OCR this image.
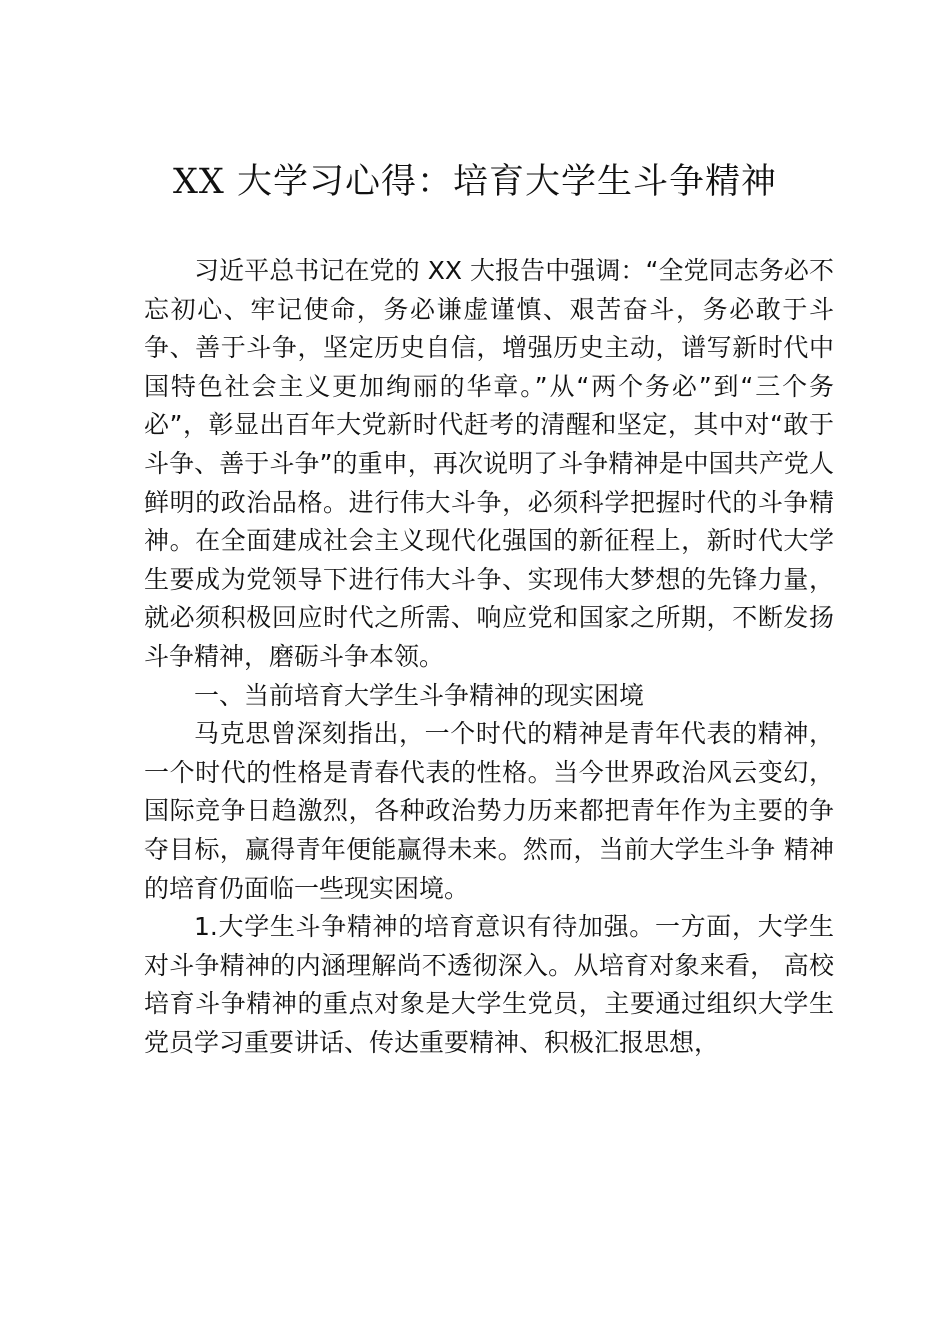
XX 大学习心得：培育大学生斗争精神

习近平总书记在党的 XX 大报告中强调：“全党同志务必不忘初心、牢记使命，务必谦虚谨慎、艰苦奋斗，务必敢于斗争、善于斗争，坚定历史自信，增强历史主动，谱写新时代中国特色社会主义更加绚丽的华章。”从“两个务必”到“三个务必”，彰显出百年大党新时代赶考的清醒和坚定，其中对“敢于斗争、善于斗争”的重申，再次说明了斗争精神是中国共产党人鲜明的政治品格。进行伟大斗争，必须科学把握时代的斗争精神。在全面建成社会主义现代化强国的新征程上，新时代大学生要成为党领导下进行伟大斗争、实现伟大梦想的先锋力量，就必须积极回应时代之所需、响应党和国家之所期，不断发扬斗争精神，磨砺斗争本领。

一、当前培育大学生斗争精神的现实困境

马克思曾深刻指出，一个时代的精神是青年代表的精神，一个时代的性格是青春代表的性格。当今世界政治风云变幻，国际竞争日趋激烈，各种政治势力历来都把青年作为主要的争夺目标，赢得青年便能赢得未来。然而，当前大学生斗争 精神的培育仍面临一些现实困境。

1.大学生斗争精神的培育意识有待加强。一方面，大学生对斗争精神的内涵理解尚不透彻深入。从培育对象来看， 高校培育斗争精神的重点对象是大学生党员，主要通过组织大学生党员学习重要讲话、传达重要精神、积极汇报思想，
